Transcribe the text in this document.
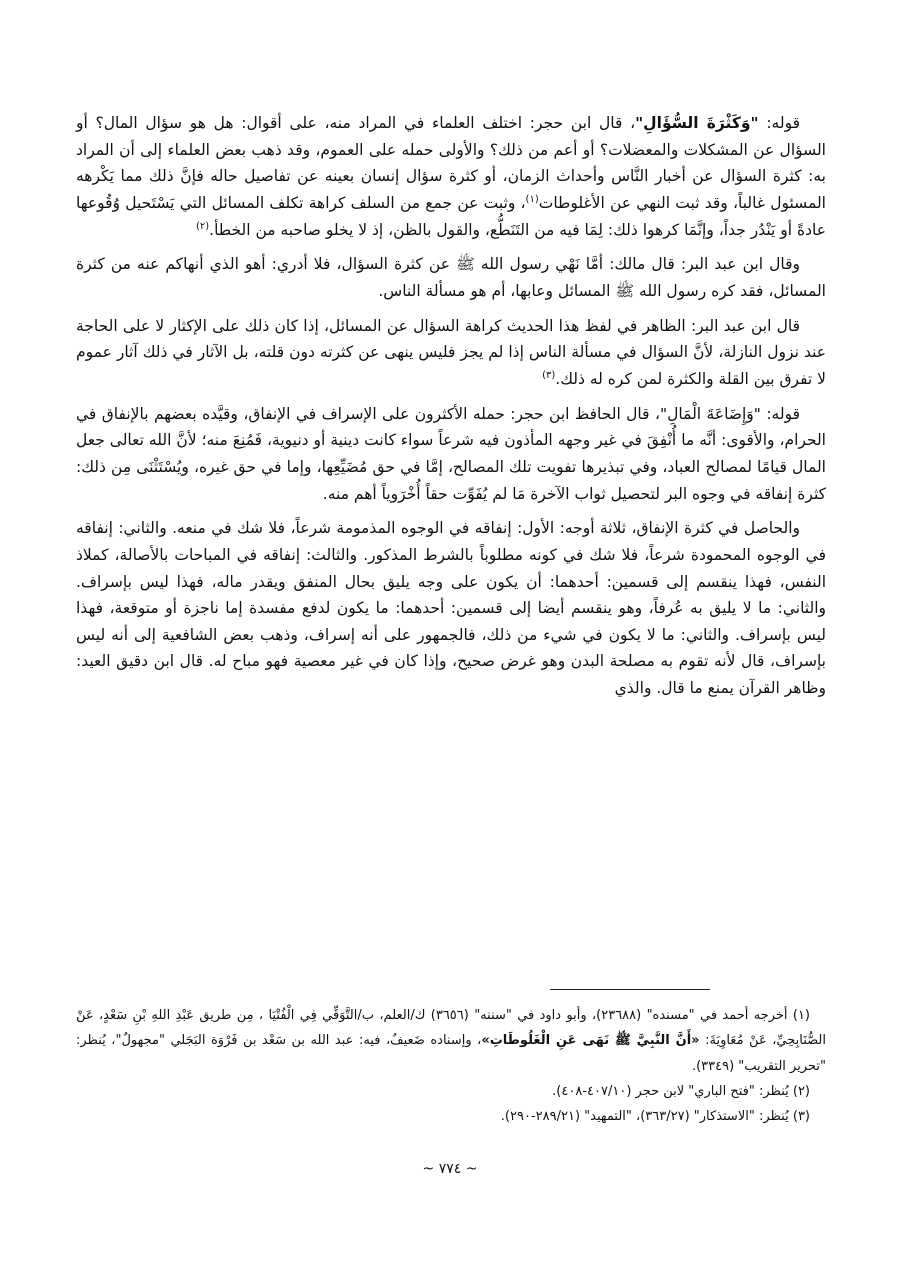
قوله: "وَكَثْرَةَ السُّؤَالِ"، قال ابن حجر: اختلف العلماء في المراد منه، على أقوال: هل هو سؤال المال؟ أو السؤال عن المشكلات والمعضلات؟ أو أعم من ذلك؟ والأولى حمله على العموم، وقد ذهب بعض العلماء إلى أن المراد به: كثرة السؤال عن أخبار النَّاس وأحداث الزمان، أو كثرة سؤال إنسان بعينه عن تفاصيل حاله فإنَّ ذلك مما يَكْرهه المسئول غالباً، وقد ثبت النهي عن الأغلوطات$^{(١)}$، وثبت عن جمع من السلف كراهة تكلف المسائل التي يَسْتَحيل وُقُوعها عادةً أو يَنْدُر جداً، وإنَّمَا كرهوا ذلك: لِمَا فيه من التَنَطُّع، والقول بالظن، إذ لا يخلو صاحبه من الخطأ.$^{(٢)}$

وقال ابن عبد البر: قال مالك: أمَّا نَهْي رسول الله ﷺ عن كثرة السؤال، فلا أدري: أهو الذي أنهاكم عنه من كثرة المسائل، فقد كره رسول الله ﷺ المسائل وعابها، أم هو مسألة الناس.

قال ابن عبد البر: الظاهر في لفظ هذا الحديث كراهة السؤال عن المسائل، إذا كان ذلك على الإكثار لا على الحاجة عند نزول النازلة، لأنَّ السؤال في مسألة الناس إذا لم يجز فليس ينهى عن كثرته دون قلته، بل الآثار في ذلك آثار عموم لا تفرق بين القلة والكثرة لمن كره له ذلك.$^{(٣)}$

قوله: "وَإِضَاعَةَ الْمَالِ"، قال الحافظ ابن حجر: حمله الأكثرون على الإسراف في الإنفاق، وقيَّده بعضهم بالإنفاق في الحرام، والأقوى: أنَّه ما أُنْفِقَ في غير وجهه المأذون فيه شرعاً سواء كانت دينية أو دنيوية، فَمُنِعَ منه؛ لأنَّ الله تعالى جعل المال قيامًا لمصالح العباد، وفي تبذيرها تفويت تلك المصالح، إمَّا في حق مُضَيِّعِها، وإما في حق غيره، ويُسْتَثْنَى مِن ذلك: كثرة إنفاقه في وجوه البر لتحصيل ثواب الآخرة مَا لم يُفَوِّت حقاً أُخْرَوياً أهم منه.

والحاصل في كثرة الإنفاق، ثلاثة أوجه: الأول: إنفاقه في الوجوه المذمومة شرعاً، فلا شك في منعه. والثاني: إنفاقه في الوجوه المحمودة شرعاً، فلا شك في كونه مطلوباً بالشرط المذكور. والثالث: إنفاقه في المباحات بالأصالة، كملاذ النفس، فهذا ينقسم إلى قسمين: أحدهما: أن يكون على وجه يليق بحال المنفق ويقدر ماله، فهذا ليس بإسراف. والثاني: ما لا يليق به عُرفاً، وهو ينقسم أيضا إلى قسمين: أحدهما: ما يكون لدفع مفسدة إما ناجزة أو متوقعة، فهذا ليس بإسراف. والثاني: ما لا يكون في شيء من ذلك، فالجمهور على أنه إسراف، وذهب بعض الشافعية إلى أنه ليس بإسراف، قال لأنه تقوم به مصلحة البدن وهو غرض صحيح، وإذا كان في غير معصية فهو مباح له. قال ابن دقيق العيد: وظاهر القرآن يمنع ما قال. والذي

(١) أخرجه أحمد في "مسنده" (٢٣٦٨٨)، وأبو داود في "سننه" (٣٦٥٦) ك/العلم، ب/التَّوَقِّي فِي الْفُتْيَا ، مِن طريق عَبْدِ اللهِ بْنِ سَعْدٍ، عَنْ الصُّنَابِحِيِّ، عَنْ مُعَاوِيَةَ: «أَنَّ النَّبِيَّ ﷺ نَهَى عَنِ الْغَلُوطَاتِ»، وإسناده ضَعيفٌ، فيه: عبد الله بن سَعْد بن فَرْوَة البَجَلي "مجهولٌ"، يُنظر: "تحرير التقريب" (٣٣٤٩).

(٢) يُنظر: "فتح الباري" لابن حجر (٤٠٧/١٠-٤٠٨).

(٣) يُنظر: "الاستذكار" (٣٦٣/٢٧)، "التمهيد" (٢٨٩/٢١-٢٩٠).

~ ٧٧٤ ~
